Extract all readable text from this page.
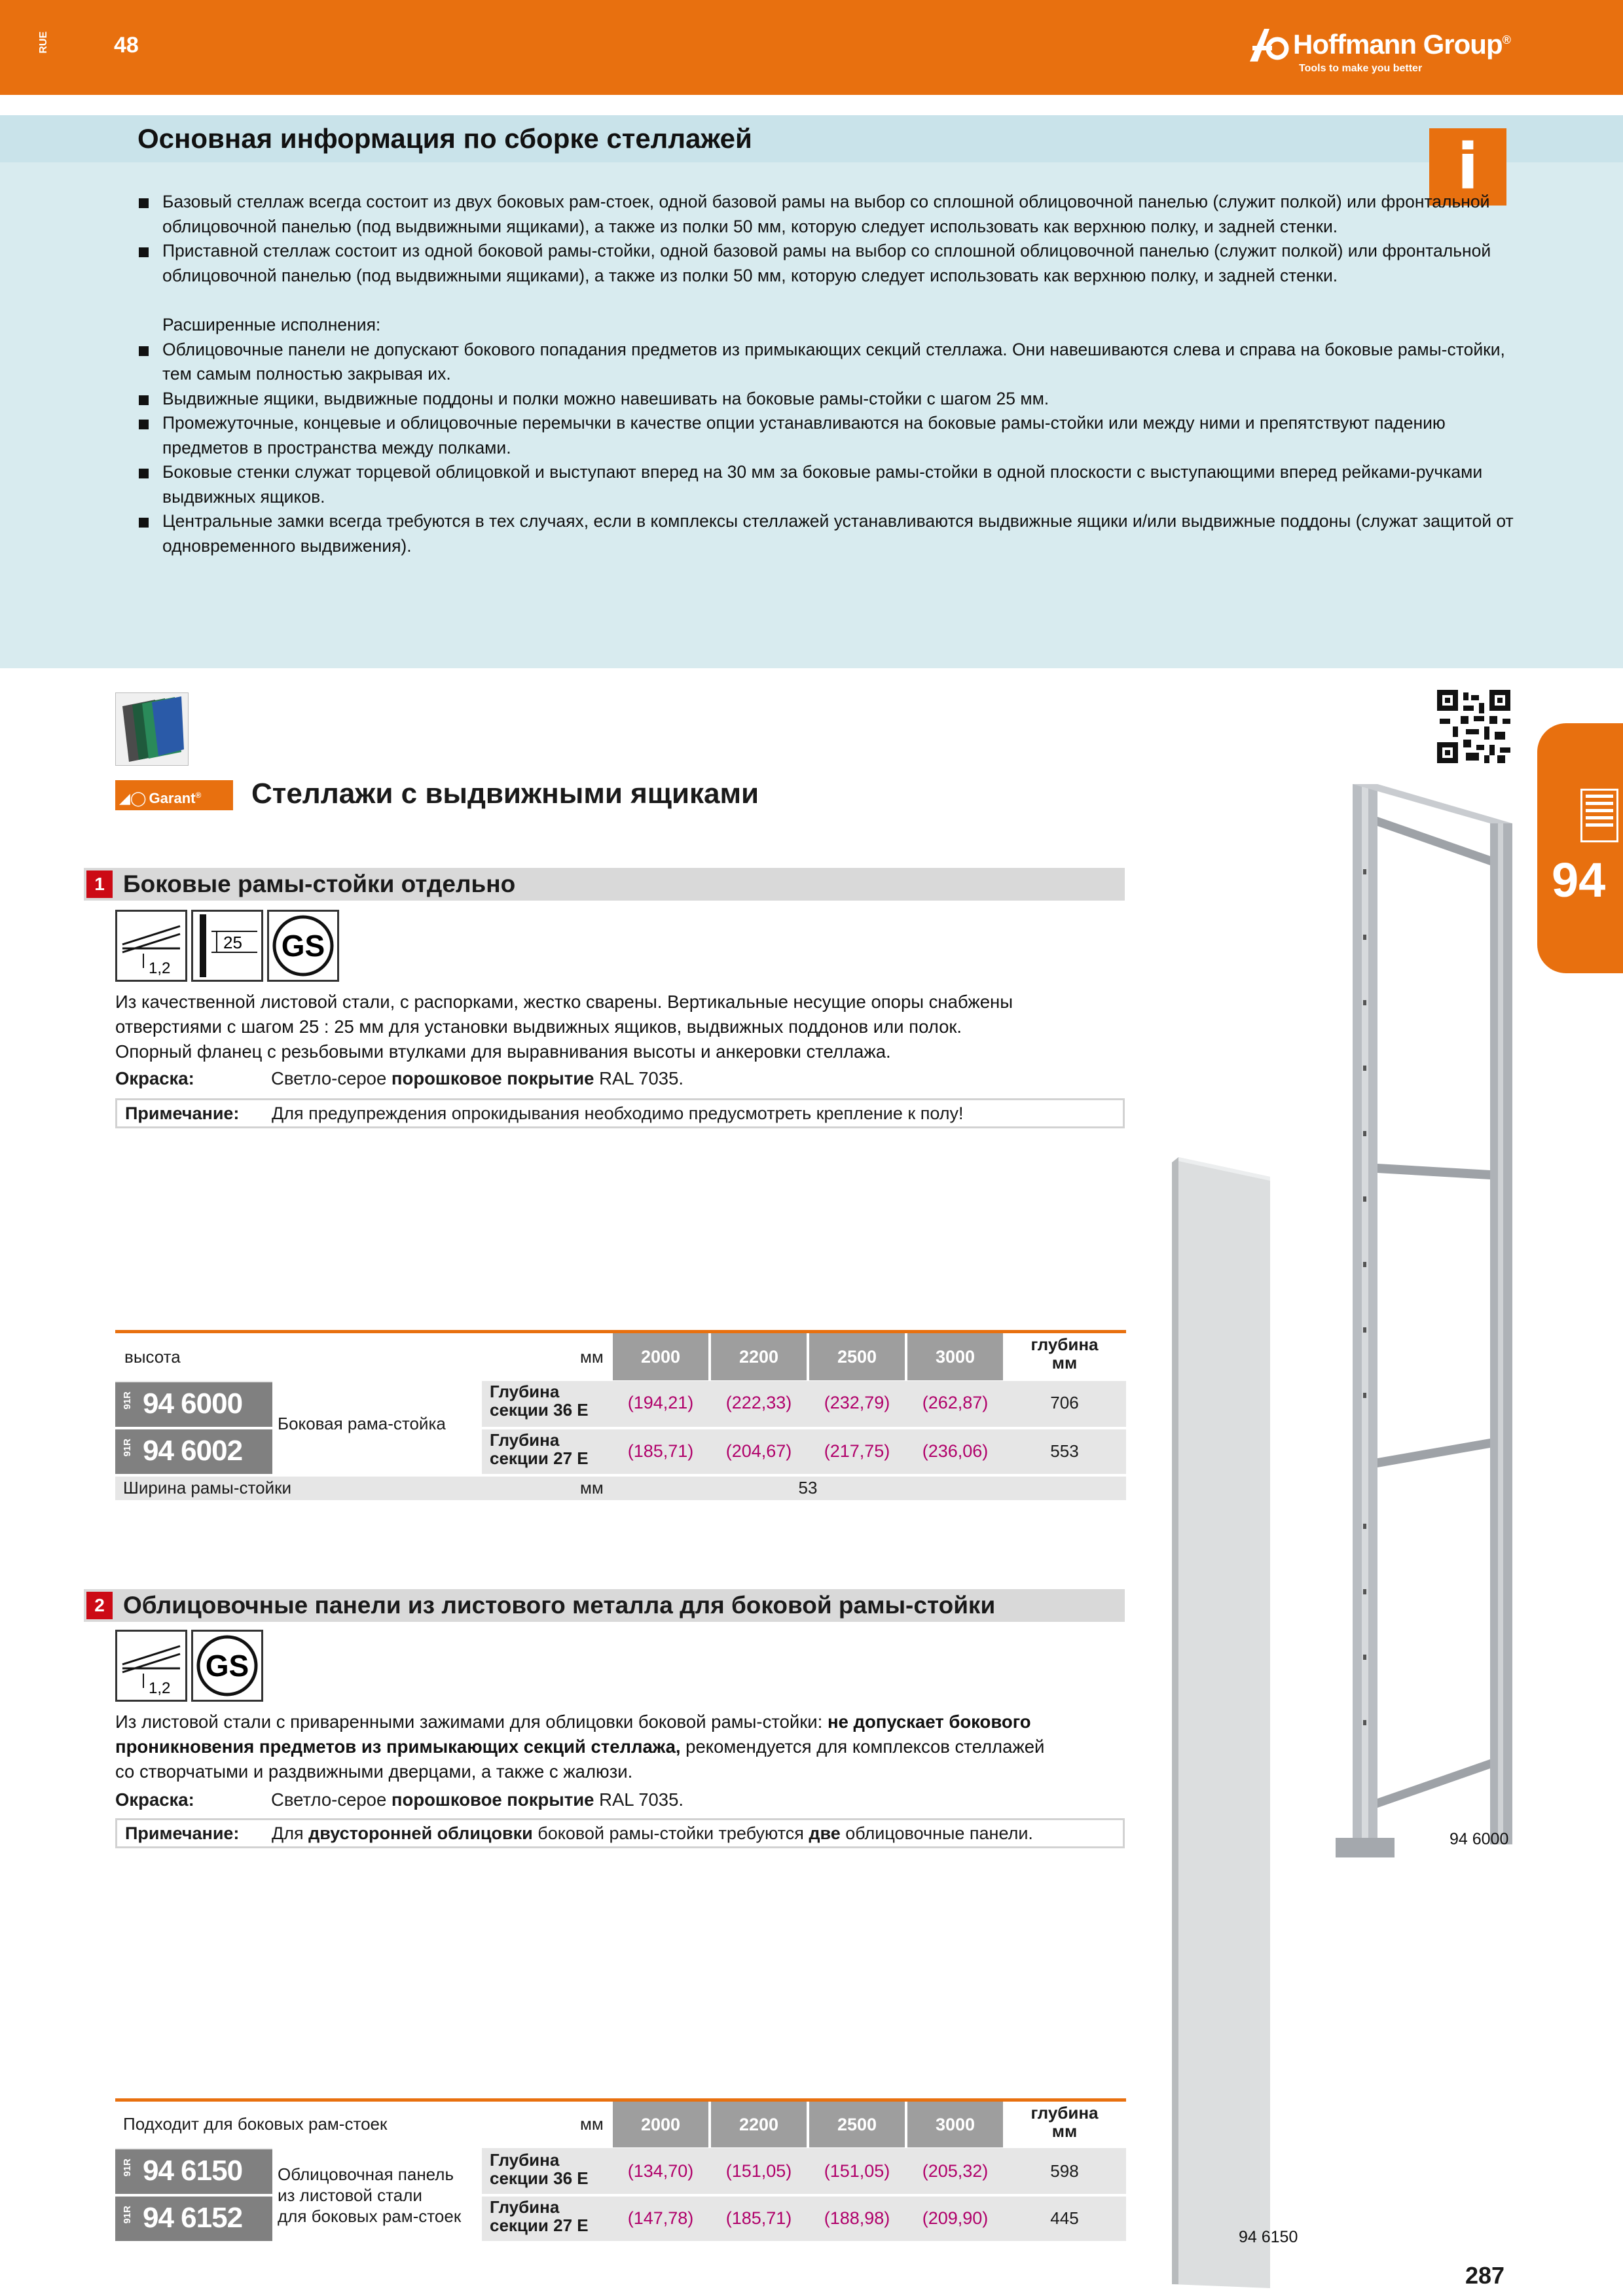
RUE	48	Hoffmann Group®
Tools to make you better
Основная информация по сборке стеллажей	i

Базовый стеллаж всегда состоит из двух боковых рам-стоек, одной базовой рамы на выбор со сплошной облицовочной панелью (служит полкой) или фронтальной облицовочной панелью (под выдвижными ящиками), а также из полки 50 мм, которую следует использовать как верхнюю полку, и задней стенки.

Приставной стеллаж состоит из одной боковой рамы-стойки, одной базовой рамы на выбор со сплошной облицовочной панелью (служит полкой) или фронтальной облицовочной панелью (под выдвижными ящиками), а также из полки 50 мм, которую следует использовать как верхнюю полку, и задней стенки.

Расширенные исполнения:

Облицовочные панели не допускают бокового попадания предметов из примыкающих секций стеллажа. Они навешиваются слева и справа на боковые рамы-стойки, тем самым полностью закрывая их.

Выдвижные ящики, выдвижные поддоны и полки можно навешивать на боковые рамы-стойки с шагом 25 мм.

Промежуточные, концевые и облицовочные перемычки в качестве опции устанавливаются на боковые рамы-стойки или между ними и препятствуют падению предметов в пространства между полками.

Боковые стенки служат торцевой облицовкой и выступают вперед на 30 мм за боковые рамы-стойки в одной плоскости с выступающими вперед рейками-ручками выдвижных ящиков.

Центральные замки всегда требуются в тех случаях, если в комплексы стеллажей устанавливаются выдвижные ящики и/или выдвижные поддоны (служат защитой от одновременного выдвижения).

◢◯ Garant®	Стеллажи с выдвижными ящиками
94
1 Боковые рамы-стойки отдельно
1,2
25 GS
Из качественной листовой стали, с распорками, жестко сварены. Вертикальные несущие опоры снабжены
отверстиями с шагом 25 : 25 мм для установки выдвижных ящиков, выдвижных поддонов или полок.
Опорный фланец с резьбовыми втулками для выравнивания высоты и анкеровки стеллажа.
Окраска:	Светло-серое порошковое покрытие RAL 7035.
Примечание: Для предупреждения опрокидывания необходимо предусмотреть крепление к полу!
высота	мм	2000	2200	2500	3000
глубина
мм
Боковая рама-стойка
91R 94 6000	Глубина
секции 36 E	(194,21)	(222,33)	(232,79)	(262,87)	706
91R 94 6002	Глубина
секции 27 E	(185,71)	(204,67)	(217,75)	(236,06)	553
Ширина рамы-стойки	мм	53
2 Облицовочные панели из листового металла для боковой рамы-стойки
1,2
GS
Из листовой стали с приваренными зажимами для облицовки боковой рамы-стойки: не допускает бокового
проникновения предметов из примыкающих секций стеллажа, рекомендуется для комплексов стеллажей
со створчатыми и раздвижными дверцами, а также с жалюзи.
Окраска:	Светло-серое порошковое покрытие RAL 7035.
Примечание: Для двусторонней облицовки боковой рамы-стойки требуются две облицовочные панели.
Подходит для боковых рам-стоек	мм	2000	2200	2500	3000
глубина
мм
Облицовочная панель
из листовой стали
для боковых рам-стоек
91R 94 6150	Глубина
секции 36 E	(134,70)	(151,05)	(151,05)	(205,32)	598
91R 94 6152	Глубина
секции 27 E	(147,78)	(185,71)	(188,98)	(209,90)	445
94 6000
94 6150
287
